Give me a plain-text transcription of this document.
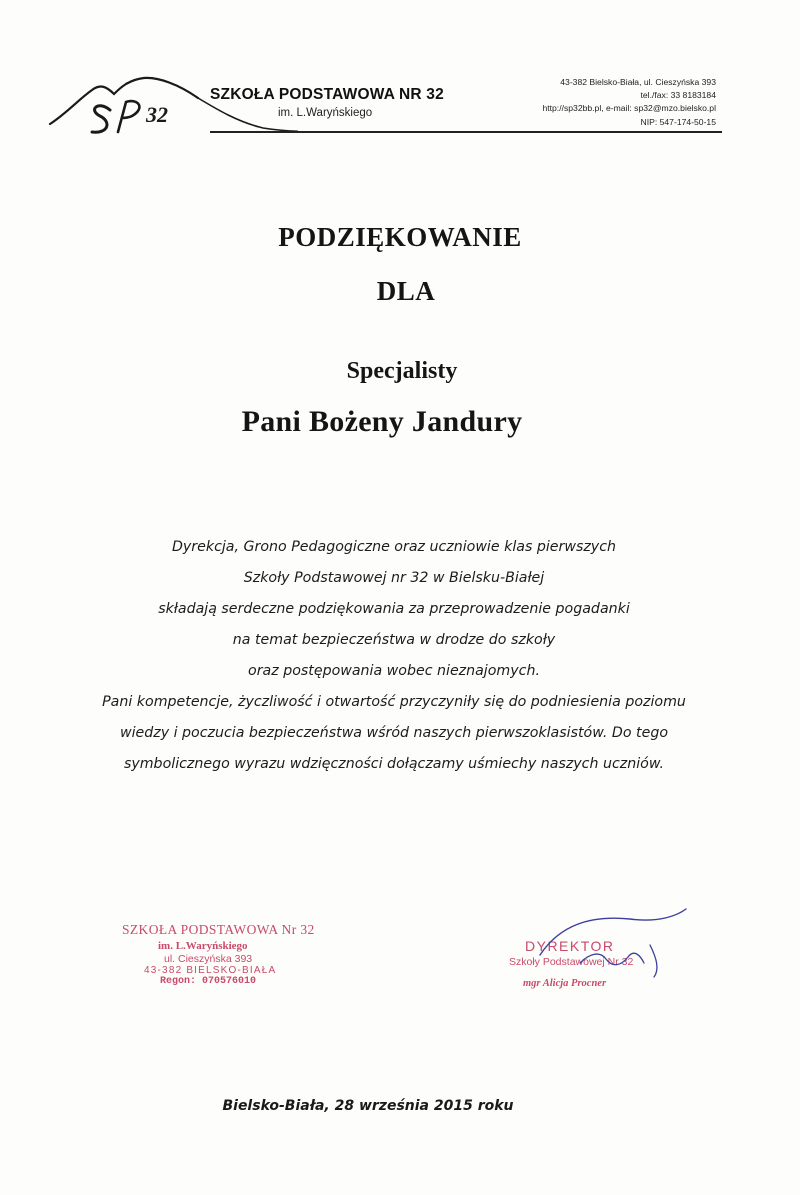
32
SZKOŁA PODSTAWOWA NR 32
im. L.Waryńskiego
43-382 Bielsko-Biała, ul. Cieszyńska 393
tel./fax: 33 8183184
http://sp32bb.pl, e-mail: sp32@mzo.bielsko.pl
NIP: 547-174-50-15
PODZIĘKOWANIE
DLA
Specjalisty
Pani Bożeny Jandury
Dyrekcja, Grono Pedagogiczne oraz uczniowie klas pierwszych
Szkoły Podstawowej nr 32 w Bielsku-Białej
składają serdeczne podziękowania za przeprowadzenie pogadanki
na temat bezpieczeństwa w drodze do szkoły
oraz postępowania wobec nieznajomych.
Pani kompetencje, życzliwość i otwartość przyczyniły się do podniesienia poziomu
wiedzy i poczucia bezpieczeństwa wśród naszych pierwszoklasistów. Do tego
symbolicznego wyrazu wdzięczności dołączamy uśmiechy naszych uczniów.
SZKOŁA PODSTAWOWA Nr 32
im. L.Waryńskiego
ul. Cieszyńska 393
43-382 BIELSKO-BIAŁA
Regon: 070576010
DYREKTOR
Szkoły Podstawowej Nr 32
mgr Alicja Procner
Bielsko-Biała, 28 września 2015 roku
